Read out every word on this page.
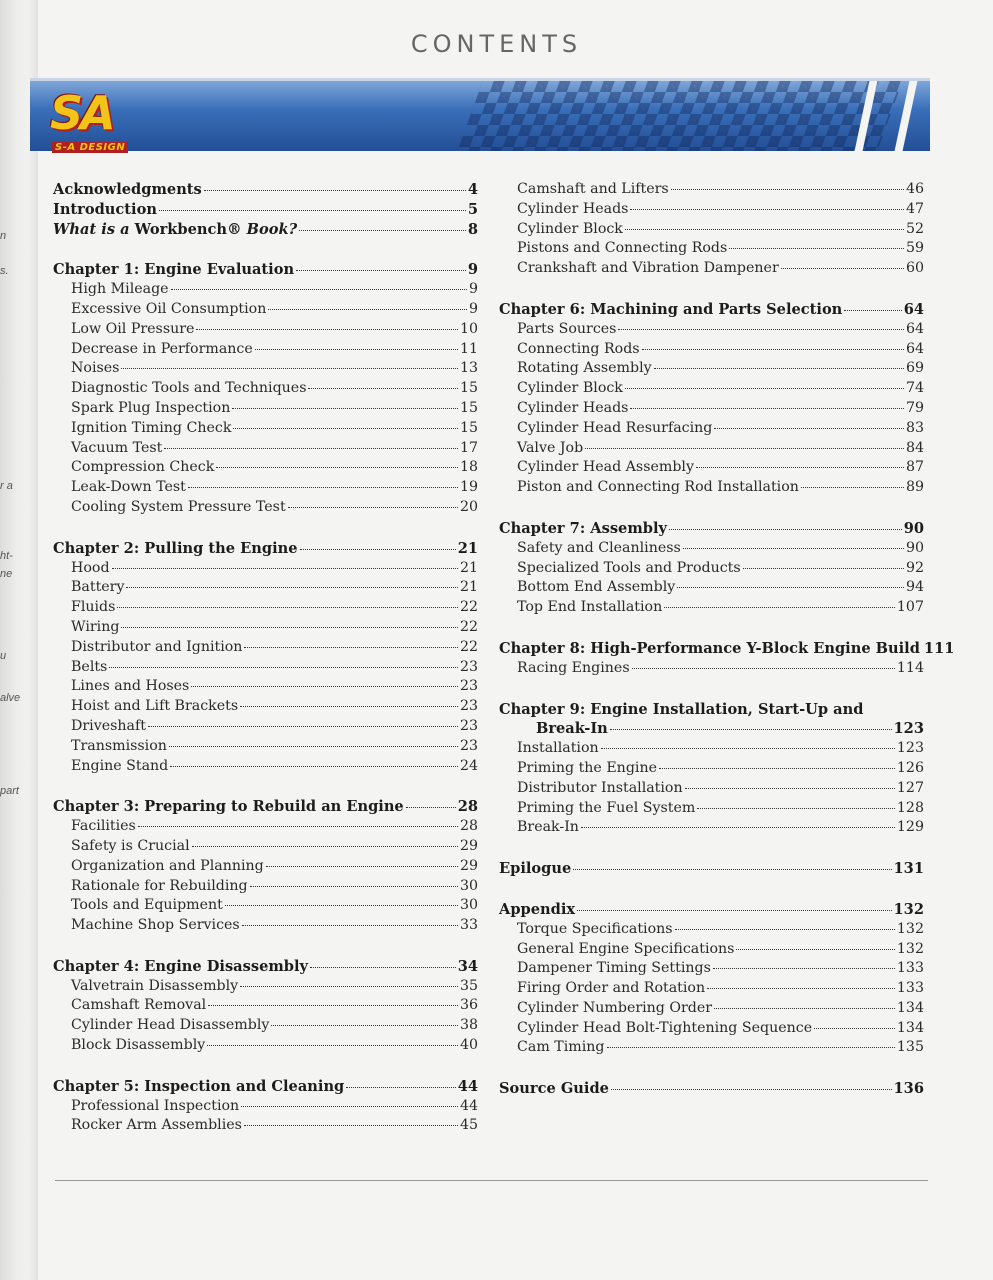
n
s.
r a
ht-
ne
u
alve
part
CONTENTS
SA
S-A DESIGN
Acknowledgments	4
Introduction	5
What is a Workbench® Book?	8
Chapter 1: Engine Evaluation	9
High Mileage	9
Excessive Oil Consumption	9
Low Oil Pressure	10
Decrease in Performance	11
Noises	13
Diagnostic Tools and Techniques	15
Spark Plug Inspection	15
Ignition Timing Check	15
Vacuum Test	17
Compression Check	18
Leak-Down Test	19
Cooling System Pressure Test	20
Chapter 2: Pulling the Engine	21
Hood	21
Battery	21
Fluids	22
Wiring	22
Distributor and Ignition	22
Belts	23
Lines and Hoses	23
Hoist and Lift Brackets	23
Driveshaft	23
Transmission	23
Engine Stand	24
Chapter 3: Preparing to Rebuild an Engine	28
Facilities	28
Safety is Crucial	29
Organization and Planning	29
Rationale for Rebuilding	30
Tools and Equipment	30
Machine Shop Services	33
Chapter 4: Engine Disassembly	34
Valvetrain Disassembly	35
Camshaft Removal	36
Cylinder Head Disassembly	38
Block Disassembly	40
Chapter 5: Inspection and Cleaning	44
Professional Inspection	44
Rocker Arm Assemblies	45
Camshaft and Lifters	46
Cylinder Heads	47
Cylinder Block	52
Pistons and Connecting Rods	59
Crankshaft and Vibration Dampener	60
Chapter 6: Machining and Parts Selection	64
Parts Sources	64
Connecting Rods	64
Rotating Assembly	69
Cylinder Block	74
Cylinder Heads	79
Cylinder Head Resurfacing	83
Valve Job	84
Cylinder Head Assembly	87
Piston and Connecting Rod Installation	89
Chapter 7: Assembly	90
Safety and Cleanliness	90
Specialized Tools and Products	92
Bottom End Assembly	94
Top End Installation	107
Chapter 8: High-Performance Y-Block Engine Build 111
Racing Engines	114
Chapter 9: Engine Installation, Start-Up and
Break-In	123
Installation	123
Priming the Engine	126
Distributor Installation	127
Priming the Fuel System	128
Break-In	129
Epilogue	131
Appendix	132
Torque Specifications	132
General Engine Specifications	132
Dampener Timing Settings	133
Firing Order and Rotation	133
Cylinder Numbering Order	134
Cylinder Head Bolt-Tightening Sequence	134
Cam Timing	135
Source Guide	136
